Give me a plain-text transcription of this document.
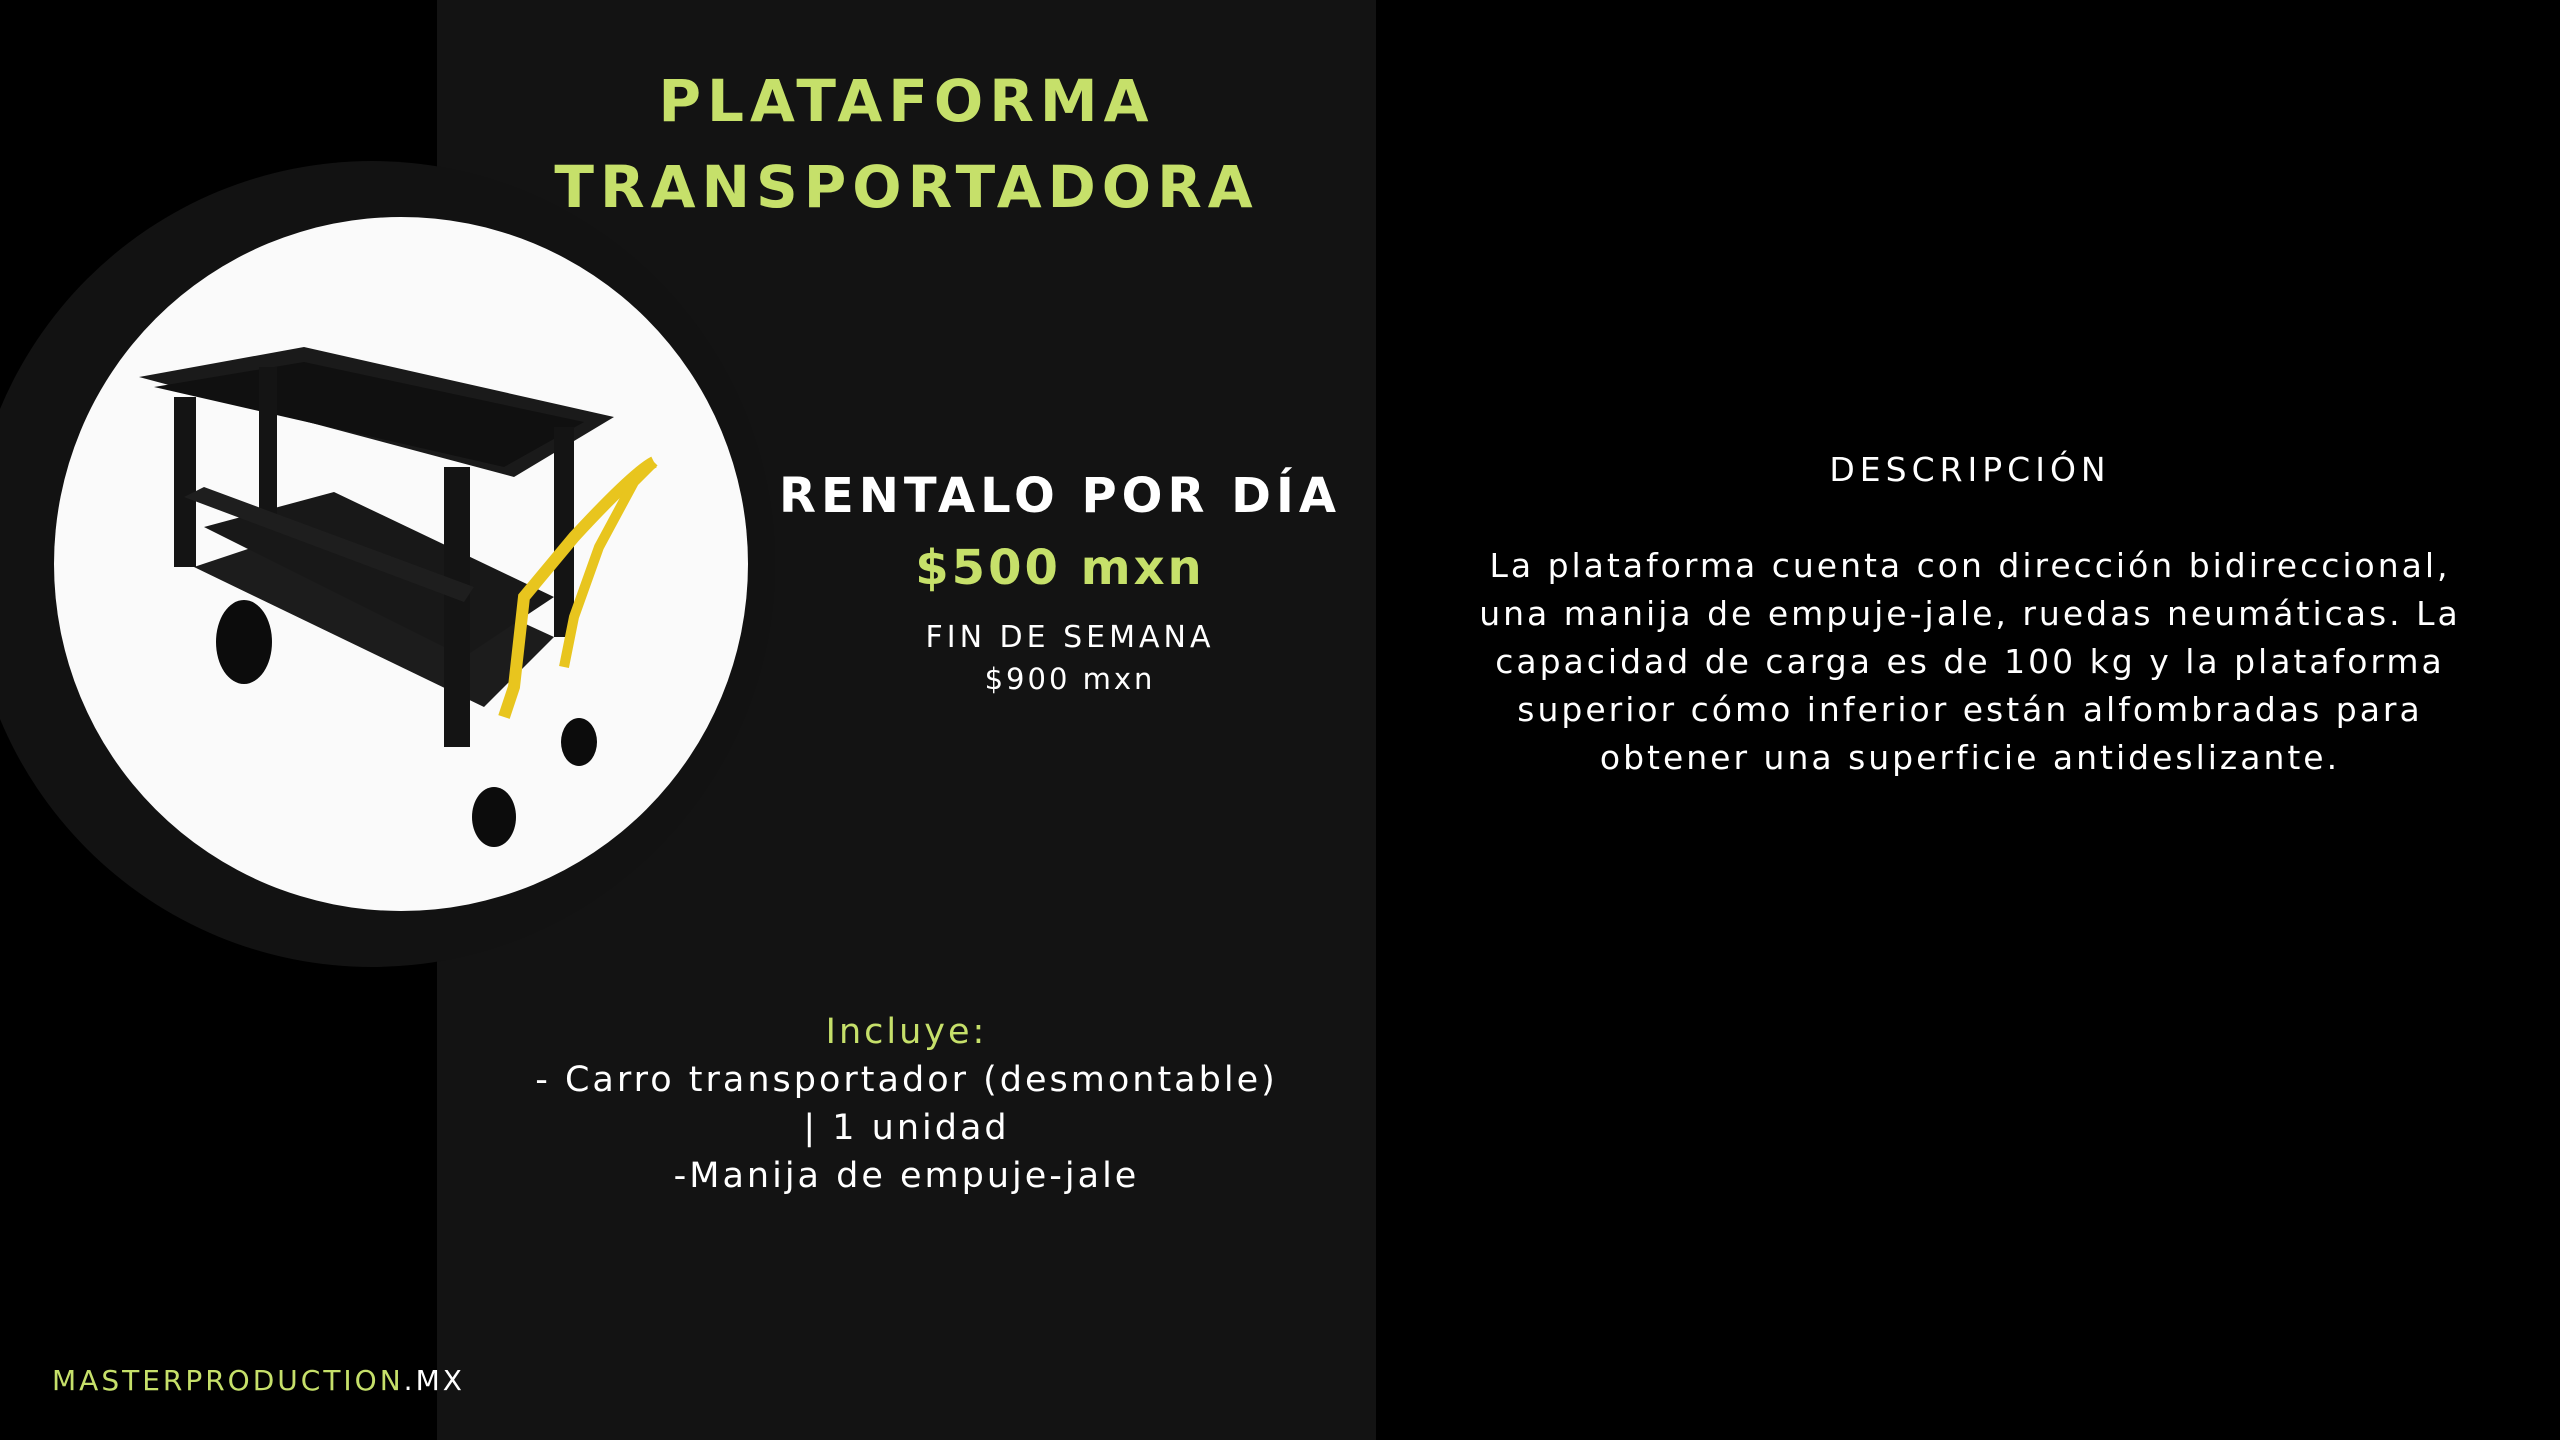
PLATAFORMA
TRANSPORTADORA
RENTALO POR DÍA
$500 mxn
FIN DE SEMANA
$900 mxn
Incluye:
- Carro transportador (desmontable)
| 1 unidad
-Manija de empuje-jale
DESCRIPCIÓN
La plataforma cuenta con dirección bidireccional, una manija de empuje-jale, ruedas neumáticas. La capacidad de carga es de 100 kg y la plataforma superior cómo inferior están alfombradas para obtener una superficie antideslizante.
MASTERPRODUCTION.MX
